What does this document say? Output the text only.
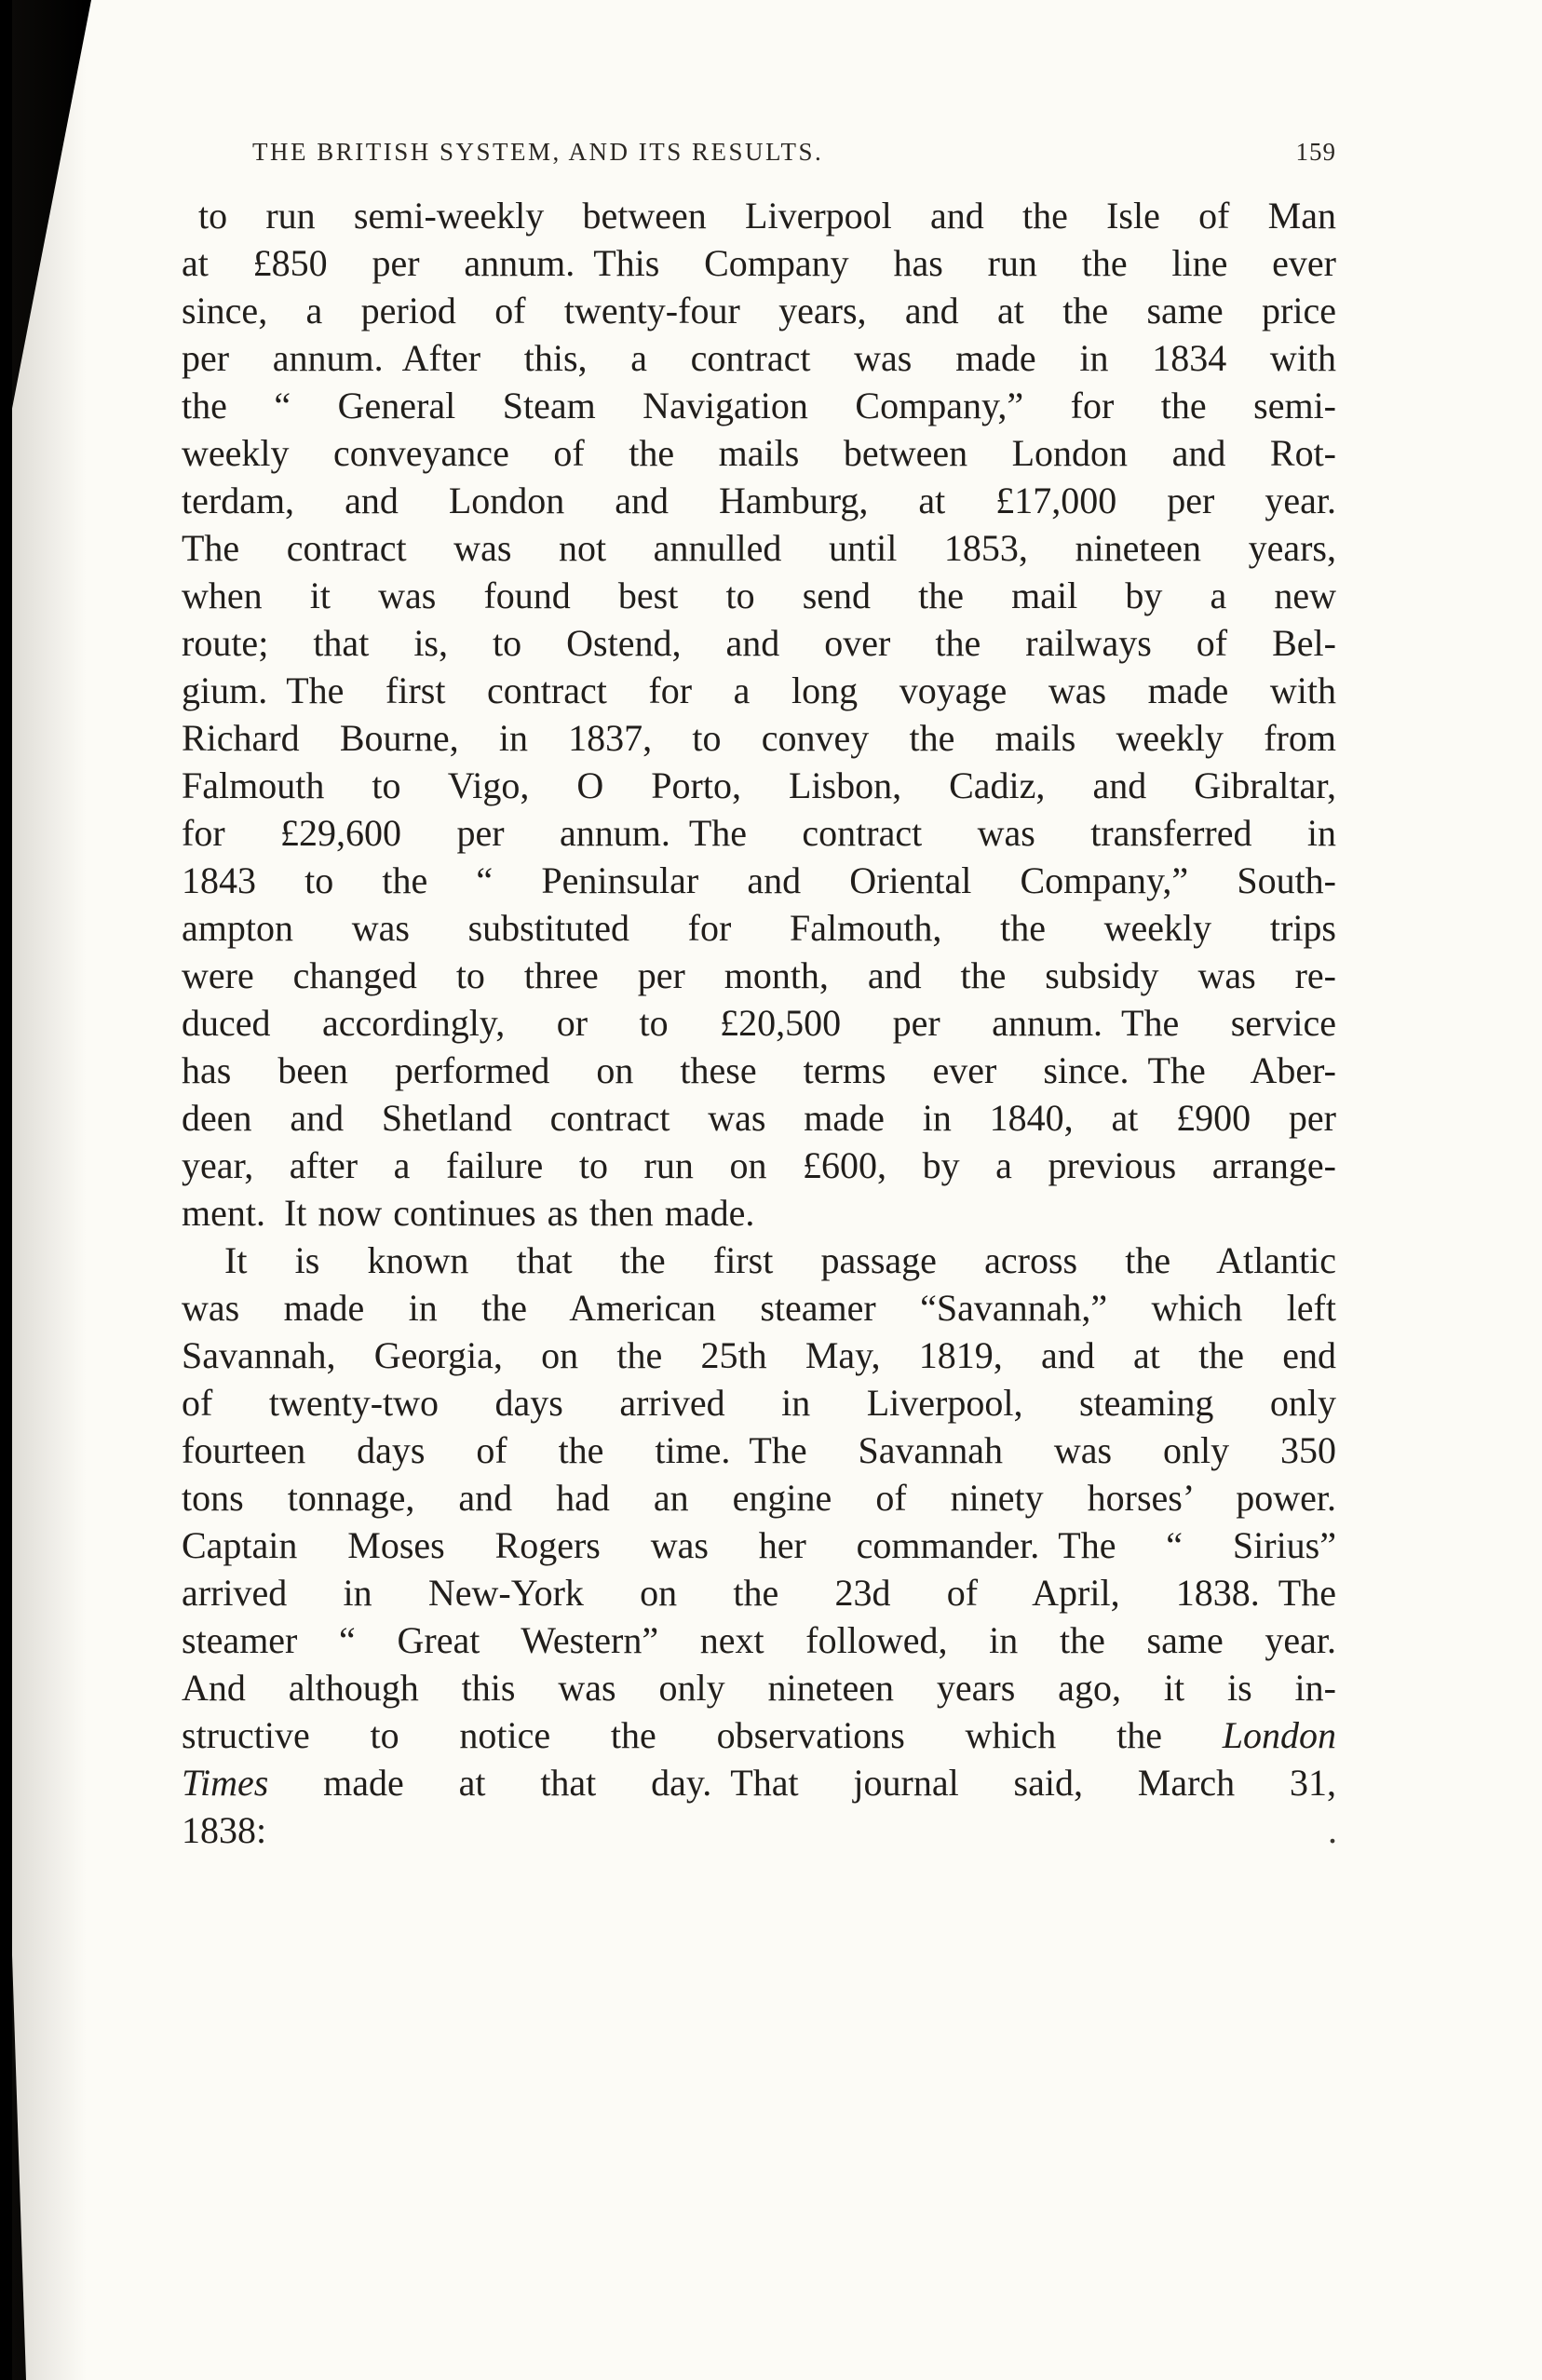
THE BRITISH SYSTEM, AND ITS RESULTS.	159
to run semi-weekly between Liverpool and the Isle of Man
at £850 per annum. This Company has run the line ever
since, a period of twenty-four years, and at the same price
per annum. After this, a contract was made in 1834 with
the “ General Steam Navigation Company,” for the semi-
weekly conveyance of the mails between London and Rot-
terdam, and London and Hamburg, at £17,000 per year.
The contract was not annulled until 1853, nineteen years,
when it was found best to send the mail by a new
route; that is, to Ostend, and over the railways of Bel-
gium. The first contract for a long voyage was made with
Richard Bourne, in 1837, to convey the mails weekly from
Falmouth to Vigo, O Porto, Lisbon, Cadiz, and Gibraltar,
for £29,600 per annum. The contract was transferred in
1843 to the “ Peninsular and Oriental Company,” South-
ampton was substituted for Falmouth, the weekly trips
were changed to three per month, and the subsidy was re-
duced accordingly, or to £20,500 per annum. The service
has been performed on these terms ever since. The Aber-
deen and Shetland contract was made in 1840, at £900 per
year, after a failure to run on £600, by a previous arrange-
ment. It now continues as then made.
It is known that the first passage across the Atlantic
was made in the American steamer “Savannah,” which left
Savannah, Georgia, on the 25th May, 1819, and at the end
of twenty-two days arrived in Liverpool, steaming only
fourteen days of the time. The Savannah was only 350
tons tonnage, and had an engine of ninety horses’ power.
Captain Moses Rogers was her commander. The “ Sirius”
arrived in New-York on the 23d of April, 1838. The
steamer “ Great Western” next followed, in the same year.
And although this was only nineteen years ago, it is in-
structive to notice the observations which the London
Times made at that day. That journal said, March 31,
1838:	.
